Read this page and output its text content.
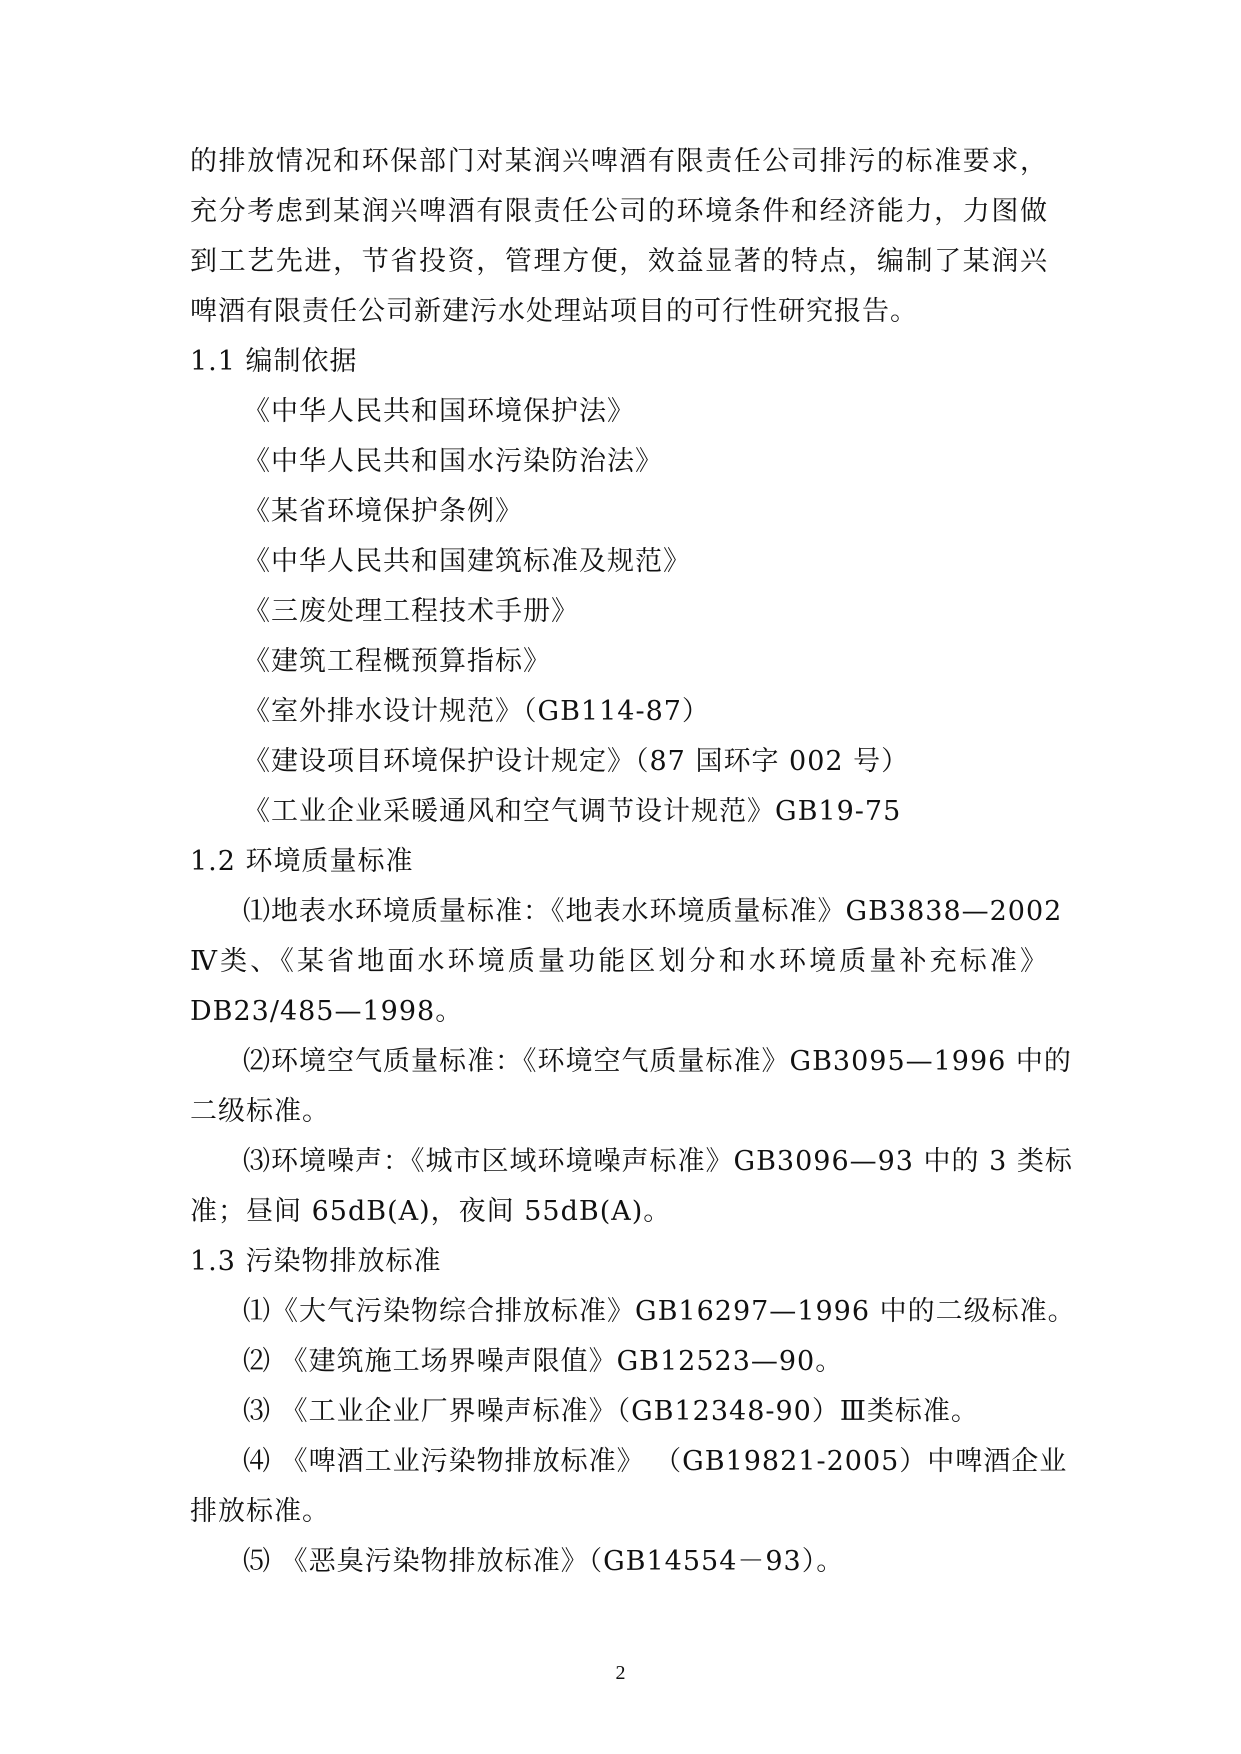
的排放情况和环保部门对某润兴啤酒有限责任公司排污的标准要求，
充分考虑到某润兴啤酒有限责任公司的环境条件和经济能力，力图做
到工艺先进，节省投资，管理方便，效益显著的特点，编制了某润兴
啤酒有限责任公司新建污水处理站项目的可行性研究报告。
1.1 编制依据
《中华人民共和国环境保护法》
《中华人民共和国水污染防治法》
《某省环境保护条例》
《中华人民共和国建筑标准及规范》
《三废处理工程技术手册》
《建筑工程概预算指标》
《室外排水设计规范》（GB114-87）
《建设项目环境保护设计规定》（87 国环字 002 号）
《工业企业采暖通风和空气调节设计规范》GB19-75
1.2 环境质量标准
⑴地表水环境质量标准：《地表水环境质量标准》GB3838—2002
Ⅳ类、《某省地面水环境质量功能区划分和水环境质量补充标准》
DB23/485—1998。
⑵环境空气质量标准：《环境空气质量标准》GB3095—1996 中的
二级标准。
⑶环境噪声：《城市区域环境噪声标准》GB3096—93 中的 3 类标
准；昼间 65dB(A)，夜间 55dB(A)。
1.3 污染物排放标准
⑴《大气污染物综合排放标准》GB16297—1996 中的二级标准。
⑵ 《建筑施工场界噪声限值》GB12523—90。
⑶ 《工业企业厂界噪声标准》（GB12348-90）Ⅲ类标准。
⑷ 《啤酒工业污染物排放标准》 （GB19821-2005）中啤酒企业
排放标准。
⑸ 《恶臭污染物排放标准》（GB14554－93）。
2
